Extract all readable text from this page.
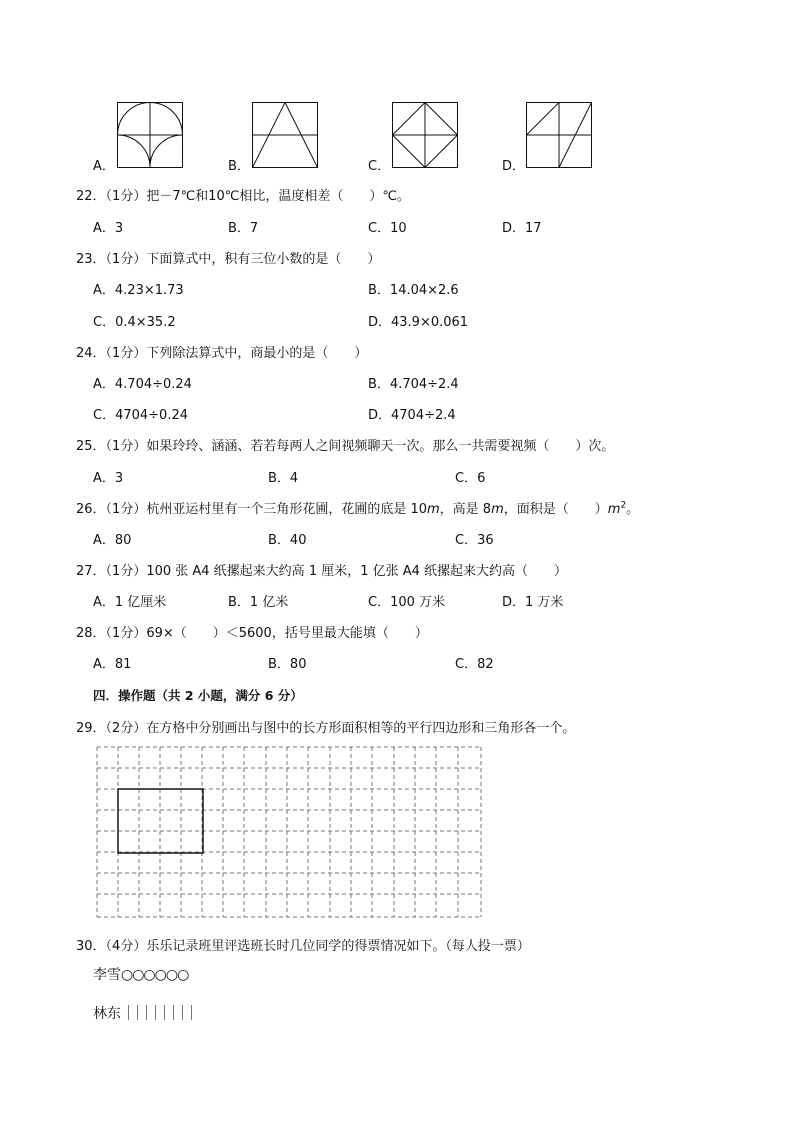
A．	B．	C．	D．
22．（1分）把－7℃和10℃相比，温度相差（　　）℃。
A．3	B．7	C．10	D．17
23．（1分）下面算式中，积有三位小数的是（　　）
A．4.23×1.73	B．14.04×2.6
C．0.4×35.2	D．43.9×0.061
24．（1分）下列除法算式中，商最小的是（　　）
A．4.704÷0.24	B．4.704÷2.4
C．4704÷0.24	D．4704÷2.4
25．（1分）如果玲玲、涵涵、若若每两人之间视频聊天一次。那么一共需要视频（　　）次。
A．3	B．4	C．6
26．（1分）杭州亚运村里有一个三角形花圃，花圃的底是 10m，高是 8m，面积是（　　）$m^2$。
A．80	B．40	C．36
27．（1分）100 张 A4 纸摞起来大约高 1 厘米，1 亿张 A4 纸摞起来大约高（　　）
A．1 亿厘米	B．1 亿米	C．100 万米	D．1 万米
28．（1分）69×（　　）＜5600，括号里最大能填（　　）
A．81	B．80	C．82
四．操作题（共 2 小题，满分 6 分）
29．（2分）在方格中分别画出与图中的长方形面积相等的平行四边形和三角形各一个。
30．（4分）乐乐记录班里评选班长时几位同学的得票情况如下。（每人投一票）
李雪○○○○○○
林东｜｜｜｜｜｜｜｜
